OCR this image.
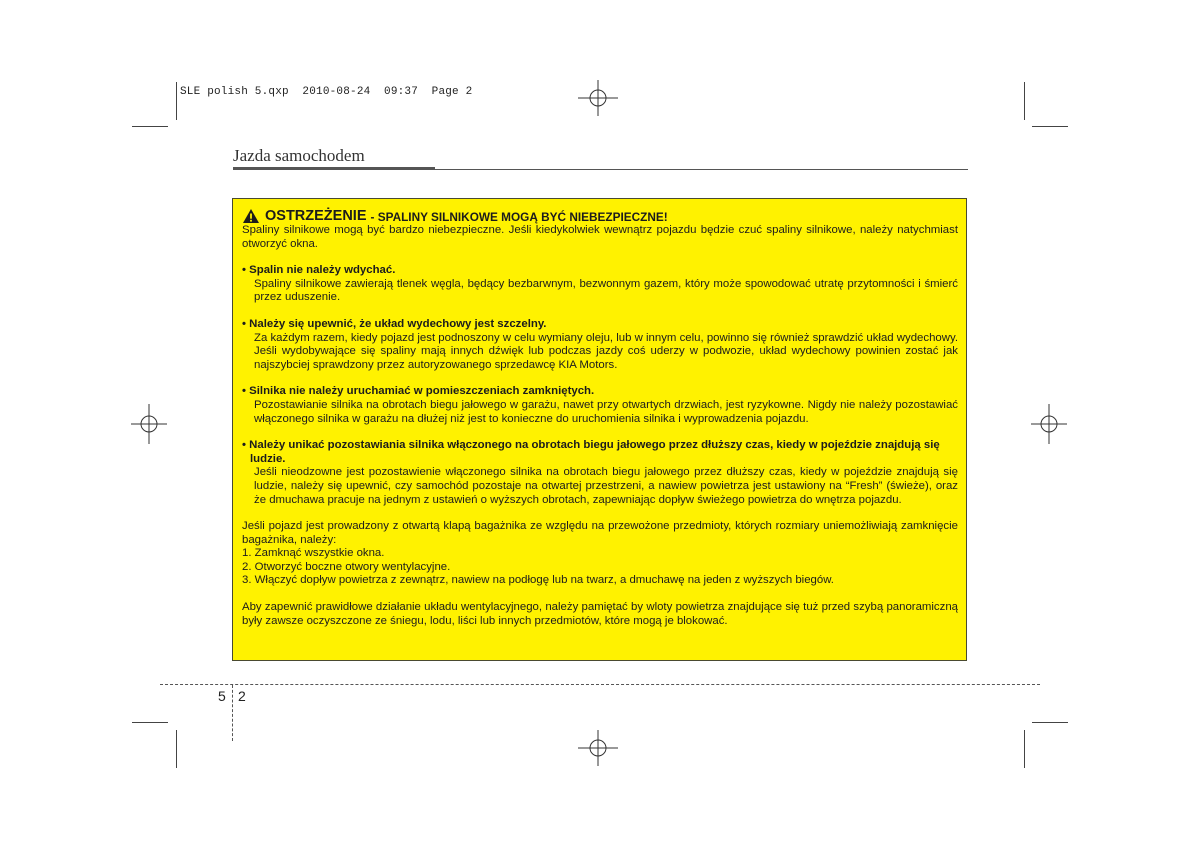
SLE polish 5.qxp  2010-08-24  09:37  Page 2
Jazda samochodem
OSTRZEŻENIE - SPALINY SILNIKOWE MOGĄ BYĆ NIEBEZPIECZNE!
Spaliny silnikowe mogą być bardzo niebezpieczne. Jeśli kiedykolwiek wewnątrz pojazdu będzie czuć spaliny silnikowe, należy natychmiast otworzyć okna.
• Spalin nie należy wdychać.
Spaliny silnikowe zawierają tlenek węgla, będący bezbarwnym, bezwonnym gazem, który może spowodować utratę przytomności i śmierć przez uduszenie.
• Należy się upewnić, że układ wydechowy jest szczelny.
Za każdym razem, kiedy pojazd jest podnoszony w celu wymiany oleju, lub w innym celu, powinno się również sprawdzić układ wydechowy. Jeśli wydobywające się spaliny mają innych dźwięk lub podczas jazdy coś uderzy w podwozie, układ wydechowy powinien zostać jak najszybciej sprawdzony przez autoryzowanego sprzedawcę KIA Motors.
• Silnika nie należy uruchamiać w pomieszczeniach zamkniętych.
Pozostawianie silnika na obrotach biegu jałowego w garażu, nawet przy otwartych drzwiach, jest ryzykowne. Nigdy nie należy pozostawiać włączonego silnika w garażu na dłużej niż jest to konieczne do uruchomienia silnika i wyprowadzenia pojazdu.
• Należy unikać pozostawiania silnika włączonego na obrotach biegu jałowego przez dłuższy czas, kiedy w pojeździe znajdują się ludzie.
Jeśli nieodzowne jest pozostawienie włączonego silnika na obrotach biegu jałowego przez dłuższy czas, kiedy w pojeździe znajdują się ludzie, należy się upewnić, czy samochód pozostaje na otwartej przestrzeni, a nawiew powietrza jest ustawiony na “Fresh” (świeże), oraz że dmuchawa pracuje na jednym z ustawień o wyższych obrotach, zapewniając dopływ świeżego powietrza do wnętrza pojazdu.
Jeśli pojazd jest prowadzony z otwartą klapą bagażnika ze względu na przewożone przedmioty, których rozmiary uniemożliwiają zamknięcie bagażnika, należy:
1. Zamknąć wszystkie okna.
2. Otworzyć boczne otwory wentylacyjne.
3. Włączyć dopływ powietrza z zewnątrz, nawiew na podłogę lub na twarz, a dmuchawę na jeden z wyższych biegów.
Aby zapewnić prawidłowe działanie układu wentylacyjnego, należy pamiętać by wloty powietrza znajdujące się tuż przed szybą panoramiczną były zawsze oczyszczone ze śniegu, lodu, liści lub innych przedmiotów, które mogą je blokować.
5 2
